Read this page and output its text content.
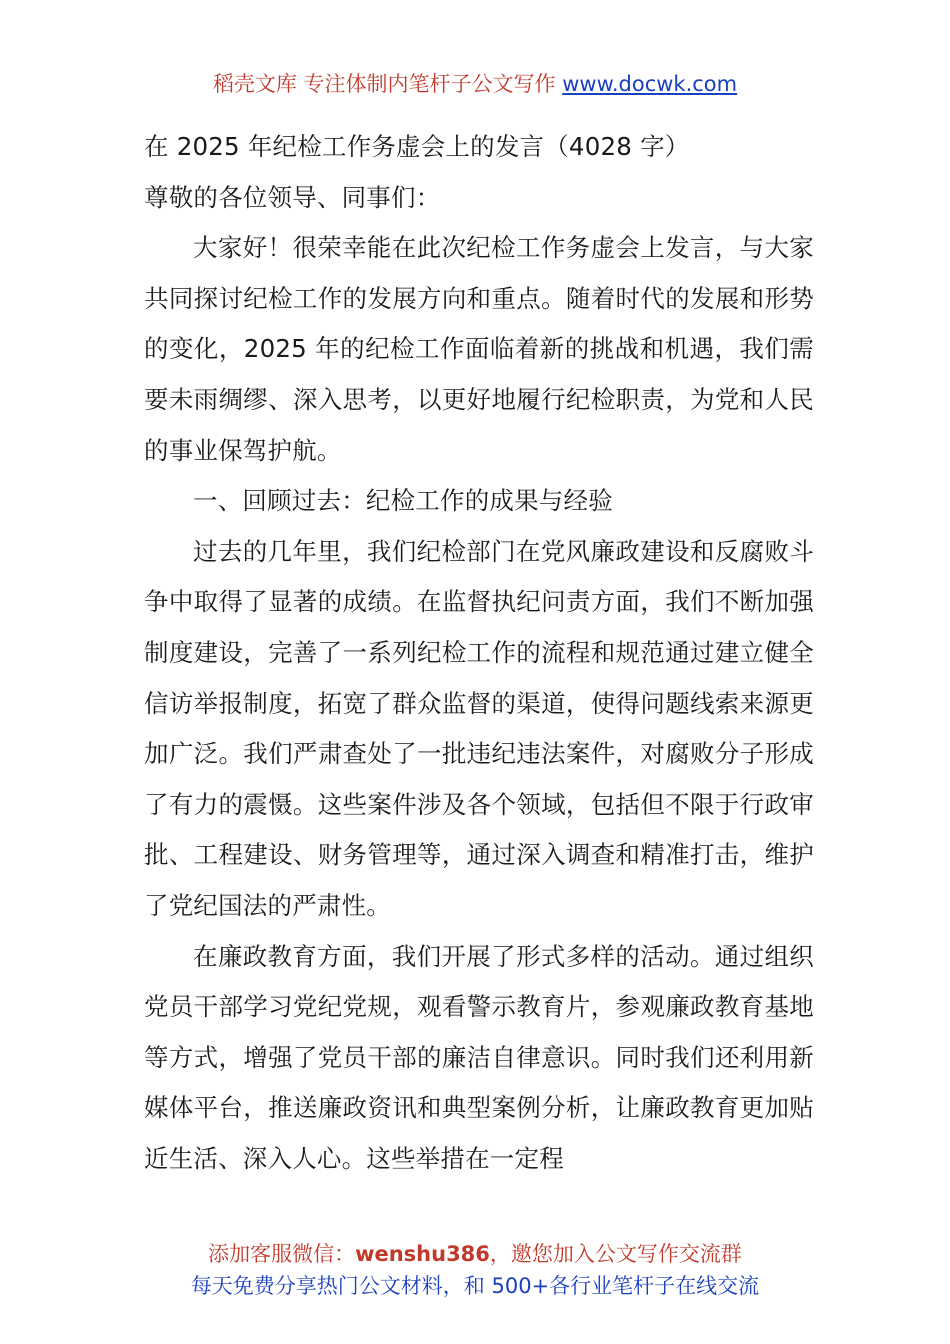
稻壳文库 专注体制内笔杆子公文写作 www.docwk.com

在 2025 年纪检工作务虚会上的发言（4028 字）

尊敬的各位领导、同事们：

大家好！很荣幸能在此次纪检工作务虚会上发言，与大家共同探讨纪检工作的发展方向和重点。随着时代的发展和形势的变化，2025 年的纪检工作面临着新的挑战和机遇，我们需要未雨绸缪、深入思考，以更好地履行纪检职责，为党和人民的事业保驾护航。

一、回顾过去：纪检工作的成果与经验

过去的几年里，我们纪检部门在党风廉政建设和反腐败斗争中取得了显著的成绩。在监督执纪问责方面，我们不断加强制度建设，完善了一系列纪检工作的流程和规范通过建立健全信访举报制度，拓宽了群众监督的渠道，使得问题线索来源更加广泛。我们严肃查处了一批违纪违法案件，对腐败分子形成了有力的震慑。这些案件涉及各个领域，包括但不限于行政审批、工程建设、财务管理等，通过深入调查和精准打击，维护了党纪国法的严肃性。

在廉政教育方面，我们开展了形式多样的活动。通过组织党员干部学习党纪党规，观看警示教育片，参观廉政教育基地等方式，增强了党员干部的廉洁自律意识。同时我们还利用新媒体平台，推送廉政资讯和典型案例分析，让廉政教育更加贴近生活、深入人心。这些举措在一定程

添加客服微信：wenshu386，邀您加入公文写作交流群
每天免费分享热门公文材料，和 500+各行业笔杆子在线交流
